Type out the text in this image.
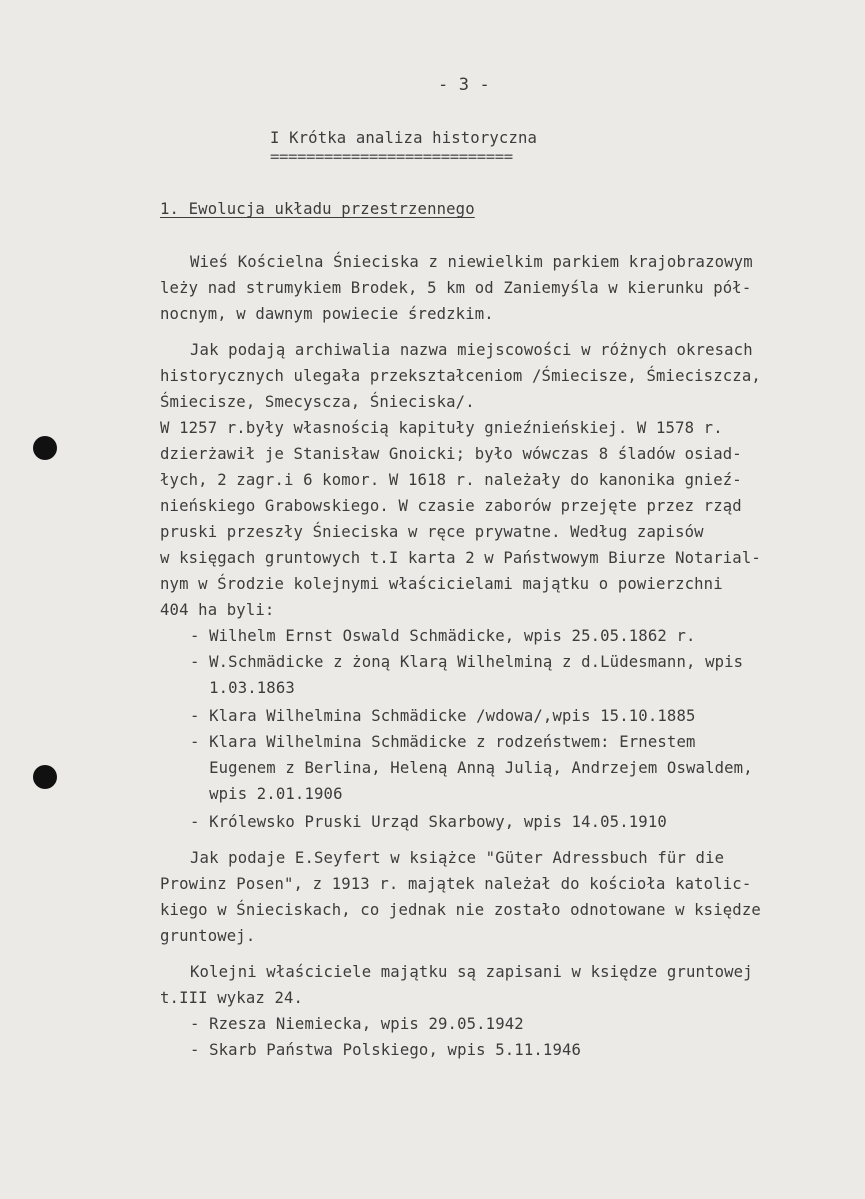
- 3 -

I Krótka analiza historyczna

===========================

1. Ewolucja układu przestrzennego

Wieś Kościelna Śnieciska z niewielkim parkiem krajobrazowym

leży nad strumykiem Brodek, 5 km od Zaniemyśla w kierunku pół-

nocnym, w dawnym powiecie średzkim.

Jak podają archiwalia nazwa miejscowości w różnych okresach

historycznych ulegała przekształceniom /Śmiecisze, Śmieciszcza,

Śmiecisze, Smecyscza, Śnieciska/.

W 1257 r.były własnością kapituły gnieźnieńskiej. W 1578 r.

dzierżawił je Stanisław Gnoicki; było wówczas 8 śladów osiad-

łych, 2 zagr.i 6 komor. W 1618 r. należały do kanonika gnieź-

nieńskiego Grabowskiego. W czasie zaborów przejęte przez rząd

pruski przeszły Śnieciska w ręce prywatne. Według zapisów

w księgach gruntowych t.I karta 2 w Państwowym Biurze Notarial-

nym w Środzie kolejnymi właścicielami majątku o powierzchni

404 ha byli:

- Wilhelm Ernst Oswald Schmädicke, wpis 25.05.1862 r.

- W.Schmädicke z żoną Klarą Wilhelminą z d.Lüdesmann, wpis

1.03.1863

- Klara Wilhelmina Schmädicke /wdowa/,wpis 15.10.1885

- Klara Wilhelmina Schmädicke z rodzeństwem: Ernestem

Eugenem z Berlina, Heleną Anną Julią, Andrzejem Oswaldem,

wpis 2.01.1906

- Królewsko Pruski Urząd Skarbowy, wpis 14.05.1910

Jak podaje E.Seyfert w książce "Güter Adressbuch für die

Prowinz Posen", z 1913 r. majątek należał do kościoła katolic-

kiego w Śnieciskach, co jednak nie zostało odnotowane w księdze

gruntowej.

Kolejni właściciele majątku są zapisani w księdze gruntowej

t.III wykaz 24.

- Rzesza Niemiecka, wpis 29.05.1942

- Skarb Państwa Polskiego, wpis 5.11.1946
